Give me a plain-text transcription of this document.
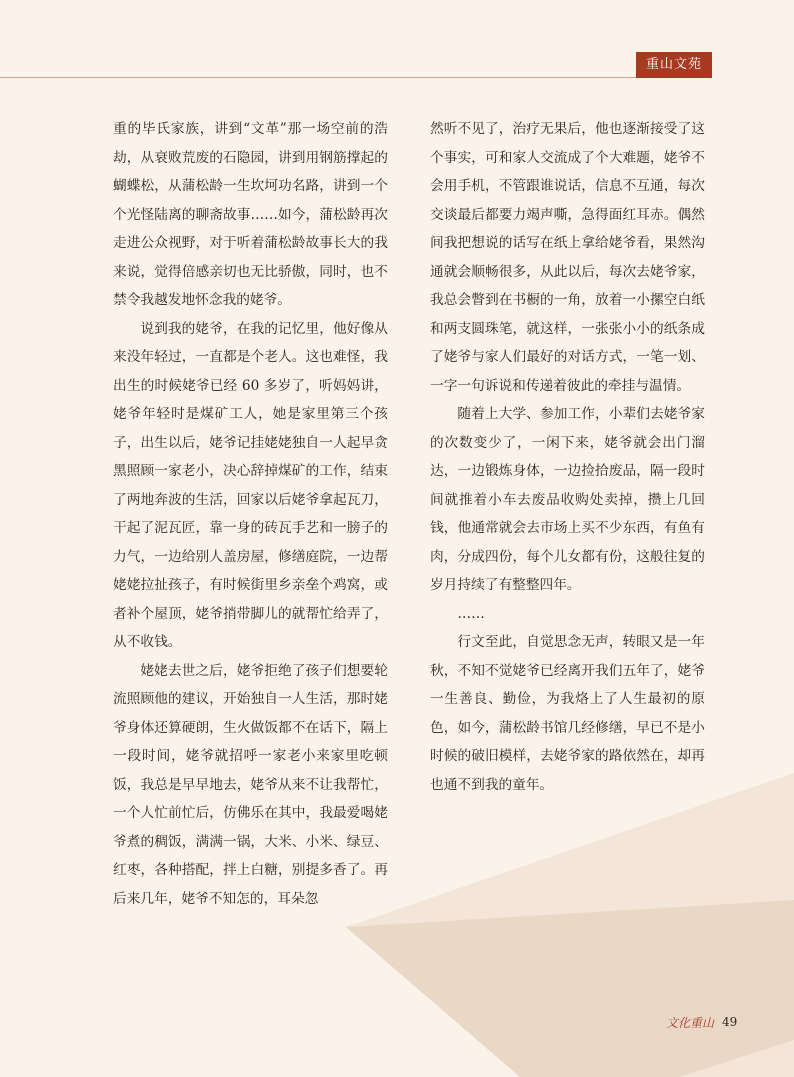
重山文苑

重的毕氏家族，讲到“文革”那一场空前的浩劫，从衰败荒废的石隐园，讲到用钢筋撑起的蝴蝶松，从蒲松龄一生坎坷功名路，讲到一个个光怪陆离的聊斋故事……如今，蒲松龄再次走进公众视野，对于听着蒲松龄故事长大的我来说，觉得倍感亲切也无比骄傲，同时，也不禁令我越发地怀念我的姥爷。

说到我的姥爷，在我的记忆里，他好像从来没年轻过，一直都是个老人。这也难怪，我出生的时候姥爷已经 60 多岁了，听妈妈讲，姥爷年轻时是煤矿工人，她是家里第三个孩子，出生以后，姥爷记挂姥姥独自一人起早贪黑照顾一家老小，决心辞掉煤矿的工作，结束了两地奔波的生活，回家以后姥爷拿起瓦刀，干起了泥瓦匠，靠一身的砖瓦手艺和一膀子的力气，一边给别人盖房屋，修缮庭院，一边帮姥姥拉扯孩子，有时候街里乡亲垒个鸡窝，或者补个屋顶，姥爷捎带脚儿的就帮忙给弄了，从不收钱。

姥姥去世之后，姥爷拒绝了孩子们想要轮流照顾他的建议，开始独自一人生活，那时姥爷身体还算硬朗，生火做饭都不在话下，隔上一段时间，姥爷就招呼一家老小来家里吃顿饭，我总是早早地去，姥爷从来不让我帮忙，一个人忙前忙后，仿佛乐在其中，我最爱喝姥爷煮的稠饭，满满一锅，大米、小米、绿豆、红枣，各种搭配，拌上白糖，别提多香了。再后来几年，姥爷不知怎的，耳朵忽

然听不见了，治疗无果后，他也逐渐接受了这个事实，可和家人交流成了个大难题，姥爷不会用手机，不管跟谁说话，信息不互通，每次交谈最后都要力竭声嘶，急得面红耳赤。偶然间我把想说的话写在纸上拿给姥爷看，果然沟通就会顺畅很多，从此以后，每次去姥爷家，我总会瞥到在书橱的一角，放着一小摞空白纸和两支圆珠笔，就这样，一张张小小的纸条成了姥爷与家人们最好的对话方式，一笔一划、一字一句诉说和传递着彼此的牵挂与温情。

随着上大学、参加工作，小辈们去姥爷家的次数变少了，一闲下来，姥爷就会出门溜达，一边锻炼身体，一边捡拾废品，隔一段时间就推着小车去废品收购处卖掉，攒上几回钱，他通常就会去市场上买不少东西，有鱼有肉，分成四份，每个儿女都有份，这般往复的岁月持续了有整整四年。

……

行文至此，自觉思念无声，转眼又是一年秋，不知不觉姥爷已经离开我们五年了，姥爷一生善良、勤俭，为我烙上了人生最初的原色，如今，蒲松龄书馆几经修缮，早已不是小时候的破旧模样，去姥爷家的路依然在，却再也通不到我的童年。

文化重山 49
